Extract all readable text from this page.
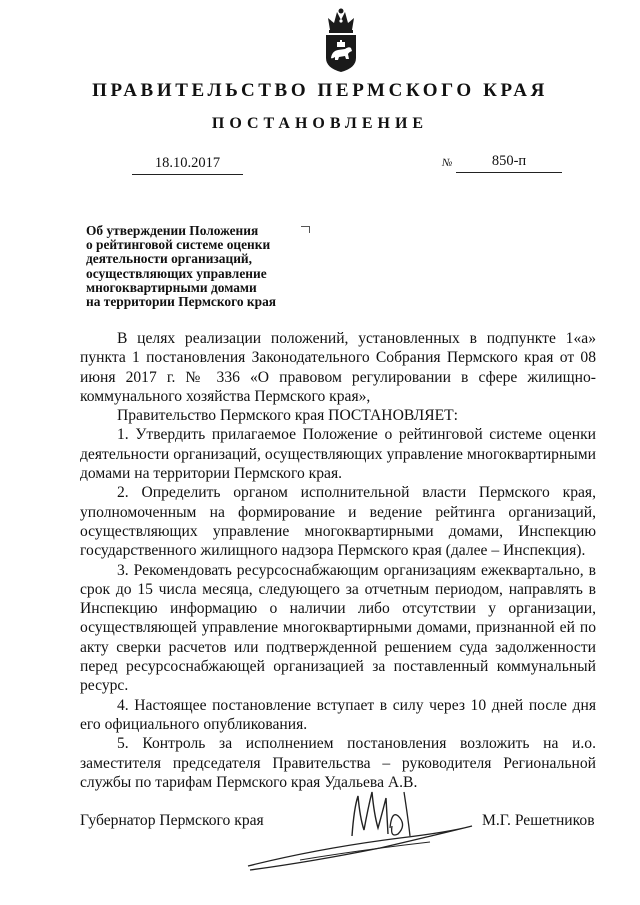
ПРАВИТЕЛЬСТВО ПЕРМСКОГО КРАЯ
ПОСТАНОВЛЕНИЕ
18.10.2017	№	850-п
Об утверждении Положения
о рейтинговой системе оценки
деятельности организаций,
осуществляющих управление
многоквартирными домами
на территории Пермского края

В целях реализации положений, установленных в подпункте 1«а» пункта 1 постановления Законодательного Собрания Пермского края от 08 июня 2017 г. № 336 «О правовом регулировании в сфере жилищно-коммунального хозяйства Пермского края»,

Правительство Пермского края ПОСТАНОВЛЯЕТ:

1. Утвердить прилагаемое Положение о рейтинговой системе оценки деятельности организаций, осуществляющих управление многоквартирными домами на территории Пермского края.

2. Определить органом исполнительной власти Пермского края, уполномоченным на формирование и ведение рейтинга организаций, осуществляющих управление многоквартирными домами, Инспекцию государственного жилищного надзора Пермского края (далее – Инспекция).

3. Рекомендовать ресурсоснабжающим организациям ежеквартально, в срок до 15 числа месяца, следующего за отчетным периодом, направлять в Инспекцию информацию о наличии либо отсутствии у организации, осуществляющей управление многоквартирными домами, признанной ей по акту сверки расчетов или подтвержденной решением суда задолженности перед ресурсоснабжающей организацией за поставленный коммунальный ресурс.

4. Настоящее постановление вступает в силу через 10 дней после дня его официального опубликования.

5. Контроль за исполнением постановления возложить на и.о. заместителя председателя Правительства – руководителя Региональной службы по тарифам Пермского края Удальева А.В.

Губернатор Пермского края	М.Г. Решетников
